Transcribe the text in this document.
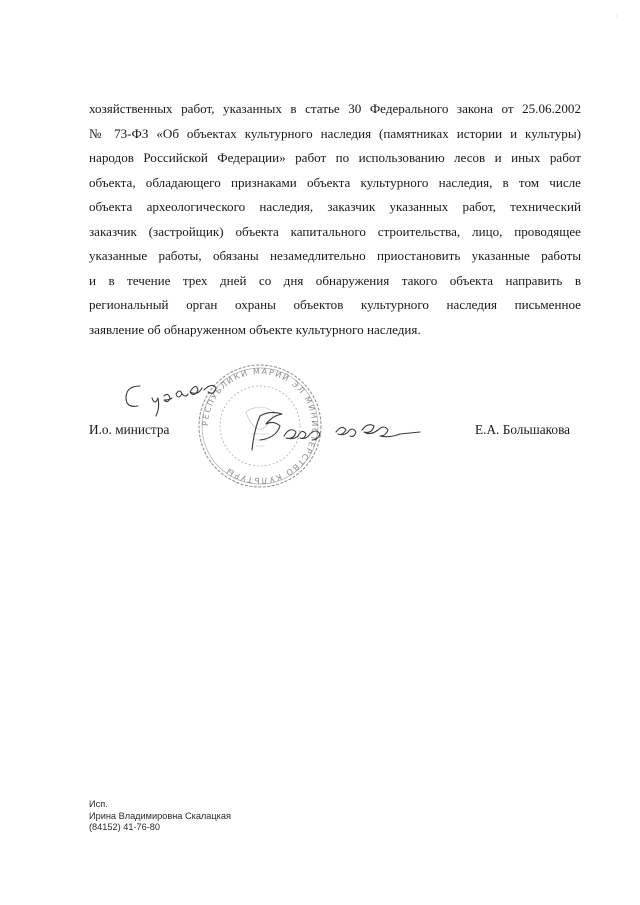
·
хозяйственных работ, указанных в статье 30 Федерального закона от 25.06.2002
№ 73-ФЗ «Об объектах культурного наследия (памятниках истории и культуры)
народов Российской Федерации» работ по использованию лесов и иных работ
объекта, обладающего признаками объекта культурного наследия, в том числе
объекта археологического наследия, заказчик указанных работ, технический
заказчик (застройщик) объекта капитального строительства, лицо, проводящее
указанные работы, обязаны незамедлительно приостановить указанные работы
и в течение трех дней со дня обнаружения такого объекта направить в
региональный орган охраны объектов культурного наследия письменное
заявление об обнаруженном объекте культурного наследия.
РЕСПУБЛИКИ МАРИЙ ЭЛ МИНИСТЕРСТВО КУЛЬТУРЫ
И.о. министра	Е.А. Большакова
Исп.
Ирина Владимировна Скалацкая
(84152) 41-76-80
